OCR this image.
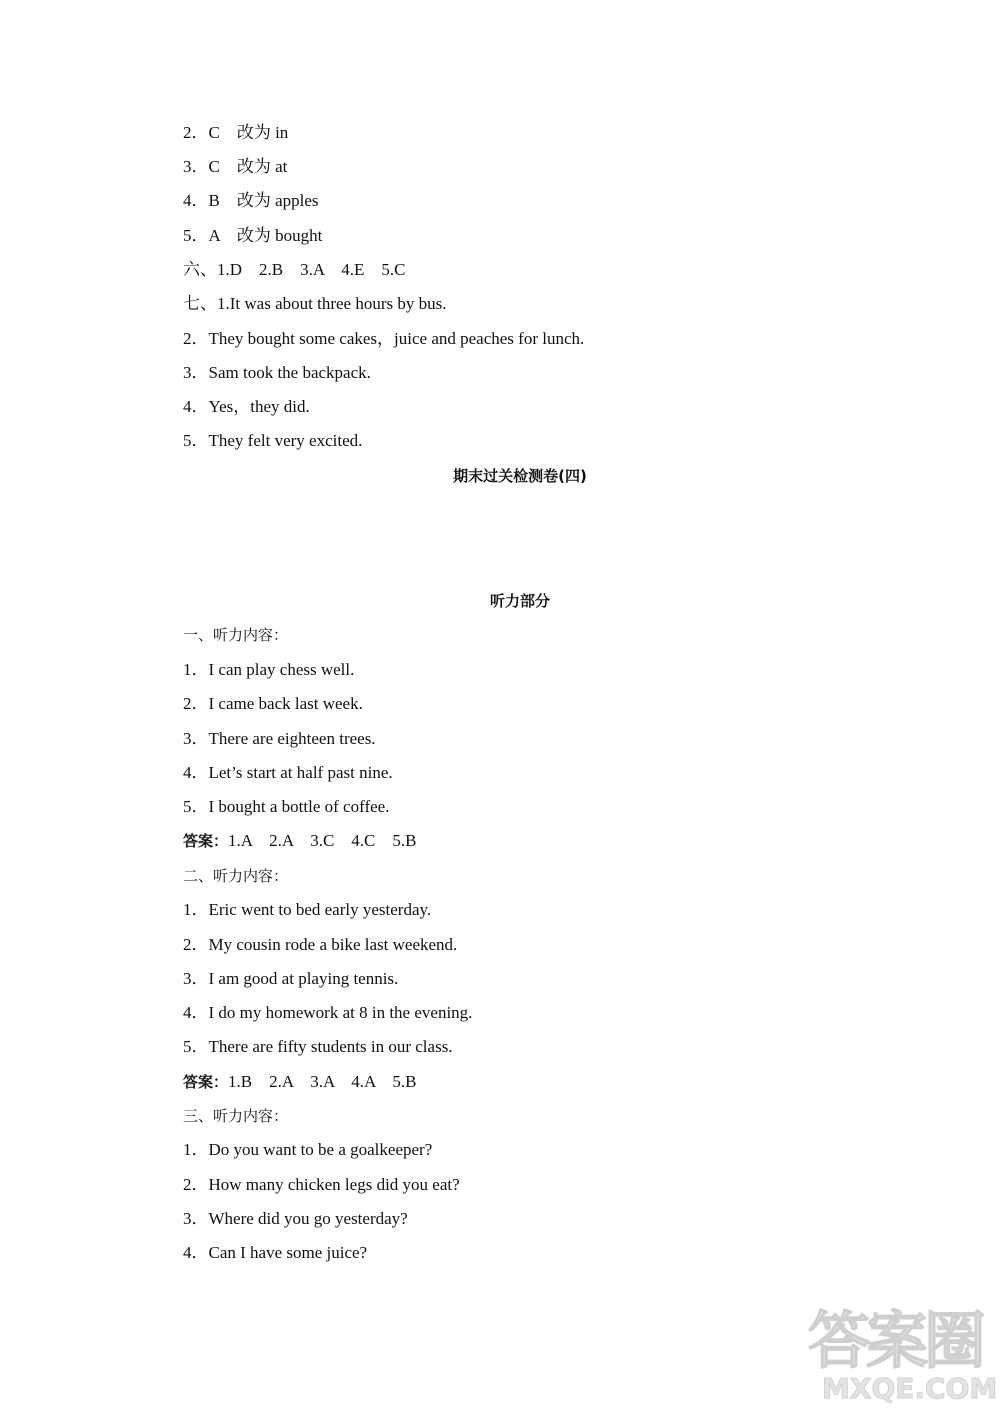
2．C　改为 in
3．C　改为 at
4．B　改为 apples
5．A　改为 bought
六、1.D　2.B　3.A　4.E　5.C
七、1.It was about three hours by bus.
2．They bought some cakes，juice and peaches for lunch.
3．Sam took the backpack.
4．Yes，they did.
5．They felt very excited.
期末过关检测卷(四)
听力部分
一、听力内容：
1．I can play chess well.
2．I came back last week.
3．There are eighteen trees.
4．Let’s start at half past nine.
5．I bought a bottle of coffee.
答案：1.A　2.A　3.C　4.C　5.B
二、听力内容：
1．Eric went to bed early yesterday.
2．My cousin rode a bike last weekend.
3．I am good at playing tennis.
4．I do my homework at 8 in the evening.
5．There are fifty students in our class.
答案：1.B　2.A　3.A　4.A　5.B
三、听力内容：
1．Do you want to be a goalkeeper?
2．How many chicken legs did you eat?
3．Where did you go yesterday?
4．Can I have some juice?
答案圈
MXQE.COM
